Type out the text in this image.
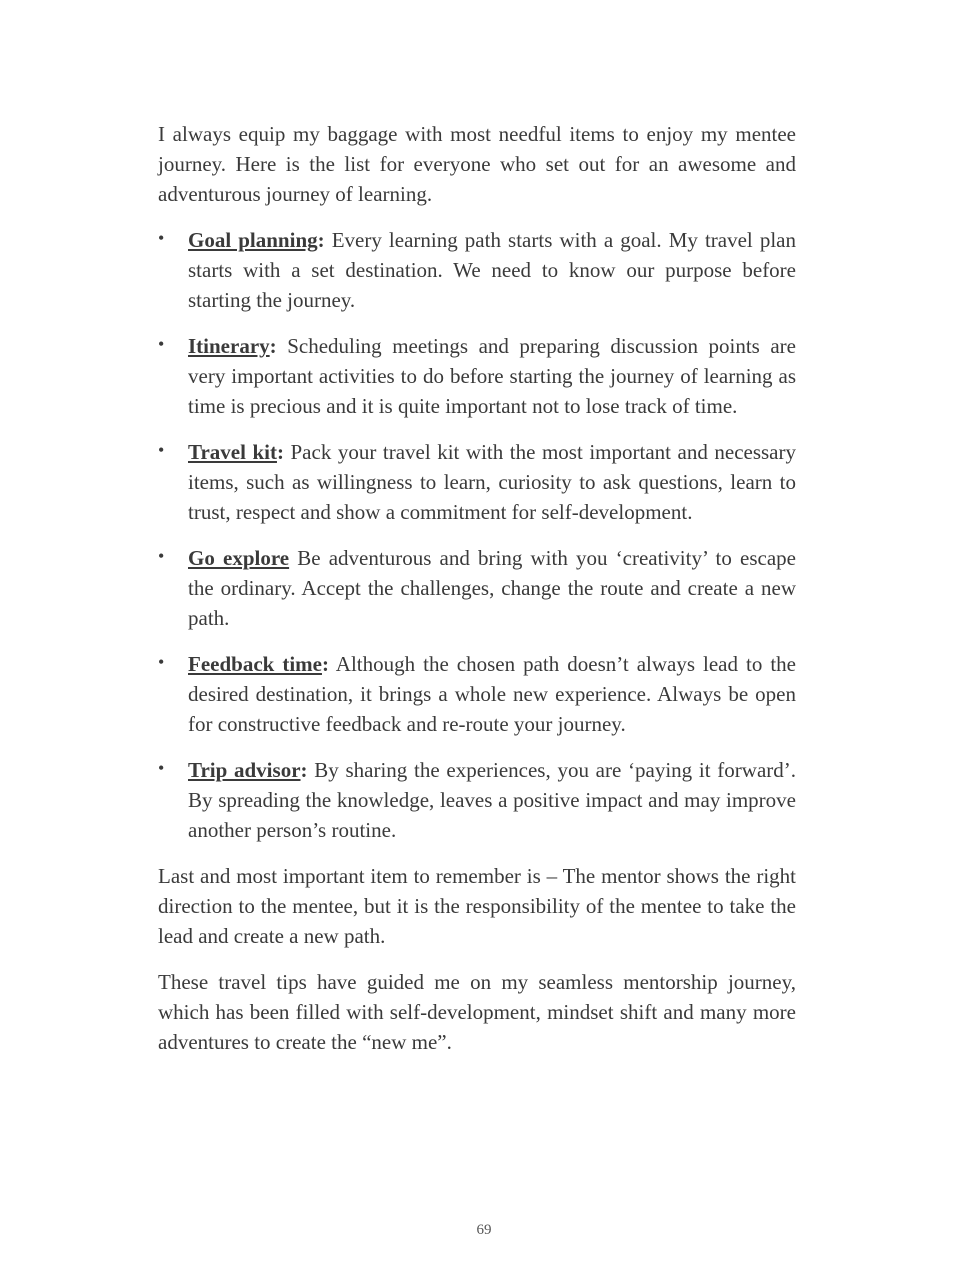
I always equip my baggage with most needful items to enjoy my mentee journey. Here is the list for everyone who set out for an awesome and adventurous journey of learning.

• Goal planning: Every learning path starts with a goal. My travel plan starts with a set destination. We need to know our purpose before starting the journey.
• Itinerary: Scheduling meetings and preparing discussion points are very important activities to do before starting the journey of learning as time is precious and it is quite important not to lose track of time.
• Travel kit: Pack your travel kit with the most important and necessary items, such as willingness to learn, curiosity to ask questions, learn to trust, respect and show a commitment for self-development.
• Go explore Be adventurous and bring with you ‘creativity’ to escape the ordinary. Accept the challenges, change the route and create a new path.
• Feedback time: Although the chosen path doesn’t always lead to the desired destination, it brings a whole new experience. Always be open for constructive feedback and re-route your journey.
• Trip advisor: By sharing the experiences, you are ‘paying it forward’. By spreading the knowledge, leaves a positive impact and may improve another person’s routine.

Last and most important item to remember is – The mentor shows the right direction to the mentee, but it is the responsibility of the mentee to take the lead and create a new path.

These travel tips have guided me on my seamless mentorship journey, which has been filled with self-development, mindset shift and many more adventures to create the “new me”.

69
